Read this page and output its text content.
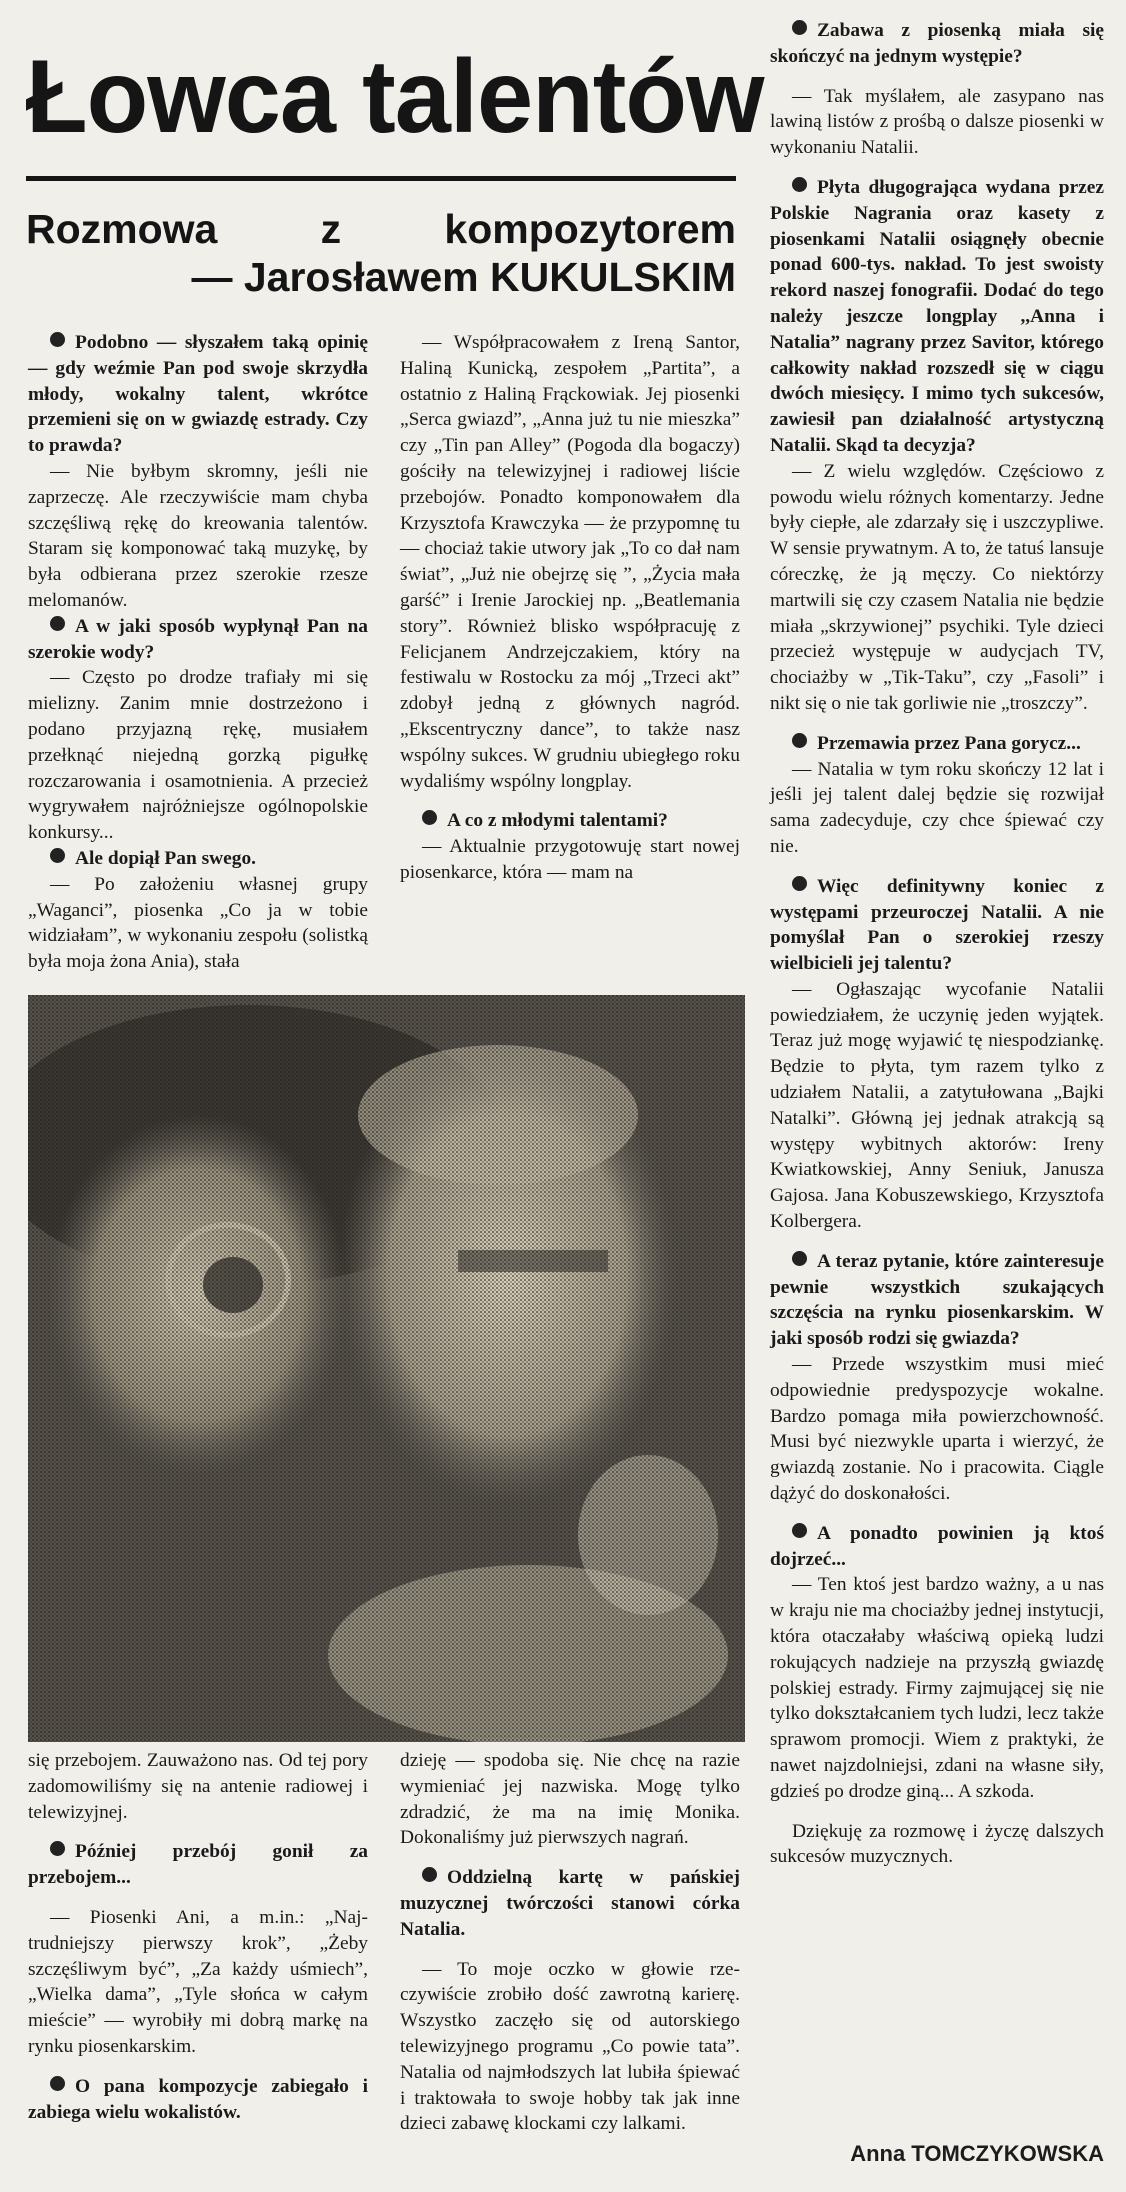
Łowca talentów
Rozmowa	z	kompozytorem
— Jarosławem KUKULSKIM

Podobno — słyszałem taką opinię — gdy weźmie Pan pod swoje skrzydła młody, wokalny talent, wkrótce przemieni się on w gwiazdę estrady. Czy to prawda?

— Nie byłbym skromny, jeśli nie zaprzeczę. Ale rzeczywiście mam chyba szczęśliwą rękę do kreowania talentów. Staram się komponować taką muzykę, by była odbierana przez szerokie rzesze melomanów.

A w jaki sposób wypłynął Pan na szerokie wody?

— Często po drodze trafiały mi się mielizny. Zanim mnie dostrzeżono i podano przyjazną rękę, musiałem przełknąć niejedną gorzką pigułkę rozczarowania i osamotnienia. A przecież wygrywałem najróżniejsze ogólnopolskie konkursy...

Ale dopiął Pan swego.

— Po założeniu własnej grupy „Waganci”, piosenka „Co ja w tobie widziałam”, w wykonaniu zespołu (solistką była moja żona Ania), stała

— Współpracowałem z Ireną Santor, Haliną Kunicką, zespołem „Partita”, a ostatnio z Haliną Frąckowiak. Jej piosenki „Serca gwiazd”, „Anna już tu nie mieszka” czy „Tin pan Alley” (Pogoda dla bogaczy) gościły na telewizyjnej i radiowej liście przebojów. Ponadto komponowałem dla Krzysztofa Krawczyka — że przypomnę tu — chociaż takie utwory jak „To co dał nam świat”, „Już nie obejrzę się ”, „Życia mała garść” i Irenie Jarockiej np. „Beatlemania story”. Również blisko współpracuję z Felicjanem Andrzejczakiem, który na festiwalu w Rostocku za mój „Trzeci akt” zdobył jedną z głównych nagród. „Ekscentryczny dance”, to także nasz wspólny sukces. W grudniu ubiegłego roku wydaliśmy wspólny longplay.

A co z młodymi talentami?

— Aktualnie przygotowuję start nowej piosenkarce, która — mam na

Zabawa z piosenką miała się skończyć na jednym występie?

— Tak myślałem, ale zasypano nas lawiną listów z prośbą o dalsze piosenki w wykonaniu Natalii.

Płyta długogrająca wydana przez Polskie Nagrania oraz kasety z piosenkami Natalii osiągnęły obecnie ponad 600-tys. nakład. To jest swoisty rekord naszej fonografii. Dodać do tego należy jeszcze longplay ,,Anna i Natalia” nagrany przez Savitor, którego całkowity nakład rozszedł się w ciągu dwóch miesięcy. I mimo tych sukcesów, zawiesił pan działalność artystyczną Natalii. Skąd ta decyzja?

— Z wielu względów. Częściowo z powodu wielu różnych komentarzy. Jedne były ciepłe, ale zdarzały się i uszczypliwe. W sensie prywatnym. A to, że tatuś lansuje córeczkę, że ją męczy. Co niektórzy martwili się czy czasem Natalia nie będzie miała „skrzywionej” psychiki. Tyle dzieci przecież występuje w audycjach TV, chociażby w „Tik-Taku”, czy „Fasoli” i nikt się o nie tak gorliwie nie „troszczy”.

Przemawia przez Pana gorycz...

— Natalia w tym roku skończy 12 lat i jeśli jej talent dalej będzie się rozwijał sama zadecyduje, czy chce śpiewać czy nie.

Więc definitywny koniec z występami przeuroczej Natalii. A nie pomyślał Pan o szerokiej rzeszy wielbicieli jej talentu?

— Ogłaszając wycofanie Natalii powiedziałem, że uczynię jeden wyjątek. Teraz już mogę wyjawić tę niespodziankę. Będzie to płyta, tym razem tylko z udziałem Natalii, a zatytułowana „Bajki Natalki”. Główną jej jednak atrakcją są występy wybitnych aktorów: Ireny Kwiatkowskiej, Anny Seniuk, Janusza Gajosa. Jana Kobuszewskiego, Krzysztofa Kolbergera.

A teraz pytanie, które zainteresuje pewnie wszystkich szukających szczęścia na rynku piosenkarskim. W jaki sposób rodzi się gwiazda?

— Przede wszystkim musi mieć odpowiednie predyspozycje wokalne. Bardzo pomaga miła powierzchowność. Musi być niezwykle uparta i wierzyć, że gwiazdą zostanie. No i pracowita. Ciągle dążyć do doskonałości.

A ponadto powinien ją ktoś dojrzeć...

— Ten ktoś jest bardzo ważny, a u nas w kraju nie ma chociażby jednej instytucji, która otaczałaby właściwą opieką ludzi rokujących nadzieje na przyszłą gwiazdę polskiej estrady. Firmy zajmującej się nie tylko dokształcaniem tych ludzi, lecz także sprawom promocji. Wiem z praktyki, że nawet najzdolniejsi, zdani na własne siły, gdzieś po drodze giną... A szkoda.

Dziękuję za rozmowę i życzę dalszych sukcesów muzycznych.

się przebojem. Zauważono nas. Od tej pory zadomowiliśmy się na antenie radiowej i telewizyjnej.

Później przebój gonił za przebojem...

— Piosenki Ani, a m.in.: „Najtrudniejszy pierwszy krok”, „Żeby szczęśliwym być”, „Za każdy uśmiech”, „Wielka dama”, „Tyle słońca w całym mieście” — wyrobiły mi dobrą markę na rynku piosenkarskim.

O pana kompozycje zabiegało i zabiega wielu wokalistów.

dzieję — spodoba się. Nie chcę na razie wymieniać jej nazwiska. Mogę tylko zdradzić, że ma na imię Monika. Dokonaliśmy już pierwszych nagrań.

Oddzielną kartę w pańskiej muzycznej twórczości stanowi córka Natalia.

— To moje oczko w głowie rzeczywiście zrobiło dość zawrotną karierę. Wszystko zaczęło się od autorskiego telewizyjnego programu „Co powie tata”. Natalia od najmłodszych lat lubiła śpiewać i traktowała to swoje hobby tak jak inne dzieci zabawę klockami czy lalkami.

Anna TOMCZYKOWSKA
